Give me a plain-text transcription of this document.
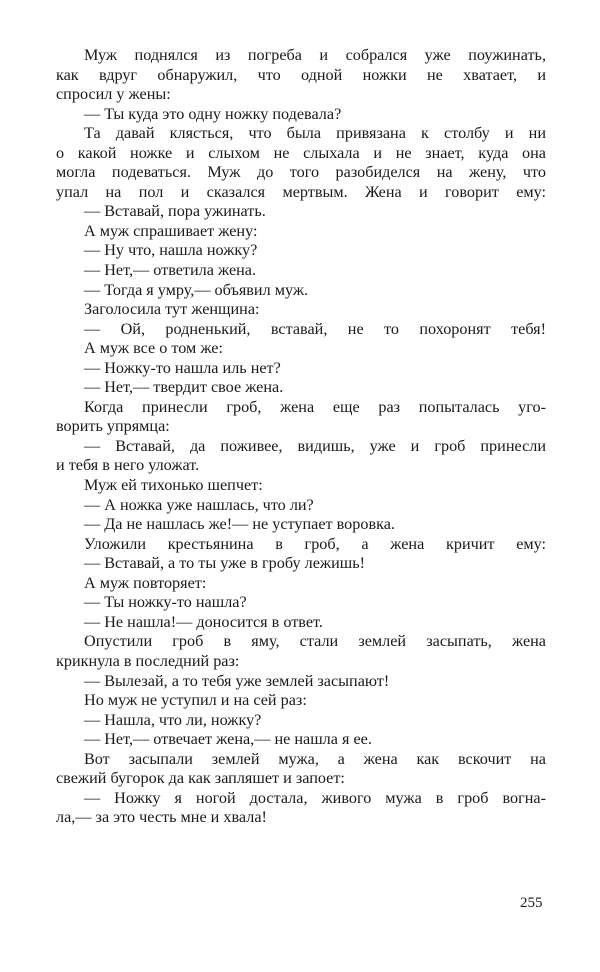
Муж поднялся из погреба и собрался уже поужинать,
как вдруг обнаружил, что одной ножки не хватает, и
спросил у жены:
— Ты куда это одну ножку подевала?
Та давай клясться, что была привязана к столбу и ни
о какой ножке и слыхом не слыхала и не знает, куда она
могла подеваться. Муж до того разобиделся на жену, что
упал на пол и сказался мертвым. Жена и говорит ему:
— Вставай, пора ужинать.
А муж спрашивает жену:
— Ну что, нашла ножку?
— Нет,— ответила жена.
— Тогда я умру,— объявил муж.
Заголосила тут женщина:
— Ой, родненький, вставай, не то похоронят тебя!
А муж все о том же:
— Ножку-то нашла иль нет?
— Нет,— твердит свое жена.
Когда принесли гроб, жена еще раз попыталась уго-
ворить упрямца:
— Вставай, да поживее, видишь, уже и гроб принесли
и тебя в него уложат.
Муж ей тихонько шепчет:
— А ножка уже нашлась, что ли?
— Да не нашлась же!— не уступает воровка.
Уложили крестьянина в гроб, а жена кричит ему:
— Вставай, а то ты уже в гробу лежишь!
А муж повторяет:
— Ты ножку-то нашла?
— Не нашла!— доносится в ответ.
Опустили гроб в яму, стали землей засыпать, жена
крикнула в последний раз:
— Вылезай, а то тебя уже землей засыпают!
Но муж не уступил и на сей раз:
— Нашла, что ли, ножку?
— Нет,— отвечает жена,— не нашла я ее.
Вот засыпали землей мужа, а жена как вскочит на
свежий бугорок да как запляшет и запоет:
— Ножку я ногой достала, живого мужа в гроб вогна-
ла,— за это честь мне и хвала!
255
